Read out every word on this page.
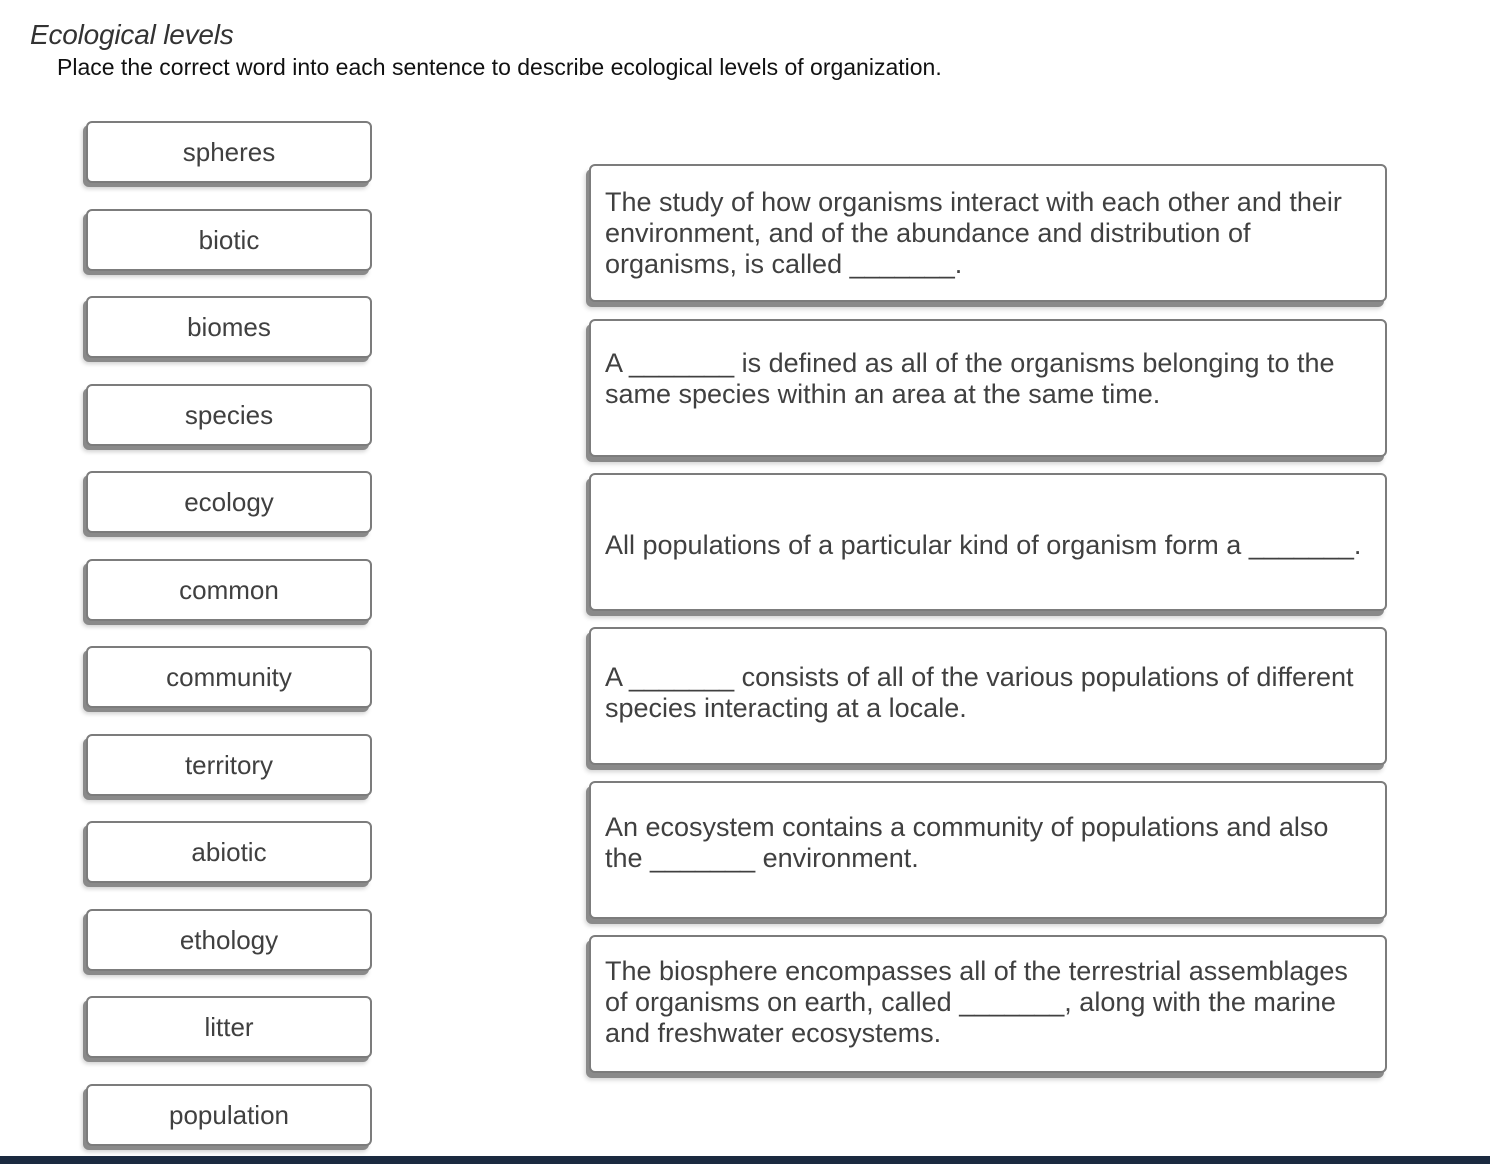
Ecological levels

Place the correct word into each sentence to describe ecological levels of organization.

spheres
biotic
biomes
species
ecology
common
community
territory
abiotic
ethology
litter
population

The study of how organisms interact with each other and their environment, and of the abundance and distribution of organisms, is called _______.

A _______ is defined as all of the organisms belonging to the same species within an area at the same time.

All populations of a particular kind of organism form a _______.

A _______ consists of all of the various populations of different species interacting at a locale.

An ecosystem contains a community of populations and also the _______ environment.

The biosphere encompasses all of the terrestrial assemblages of organisms on earth, called _______, along with the marine and freshwater ecosystems.
